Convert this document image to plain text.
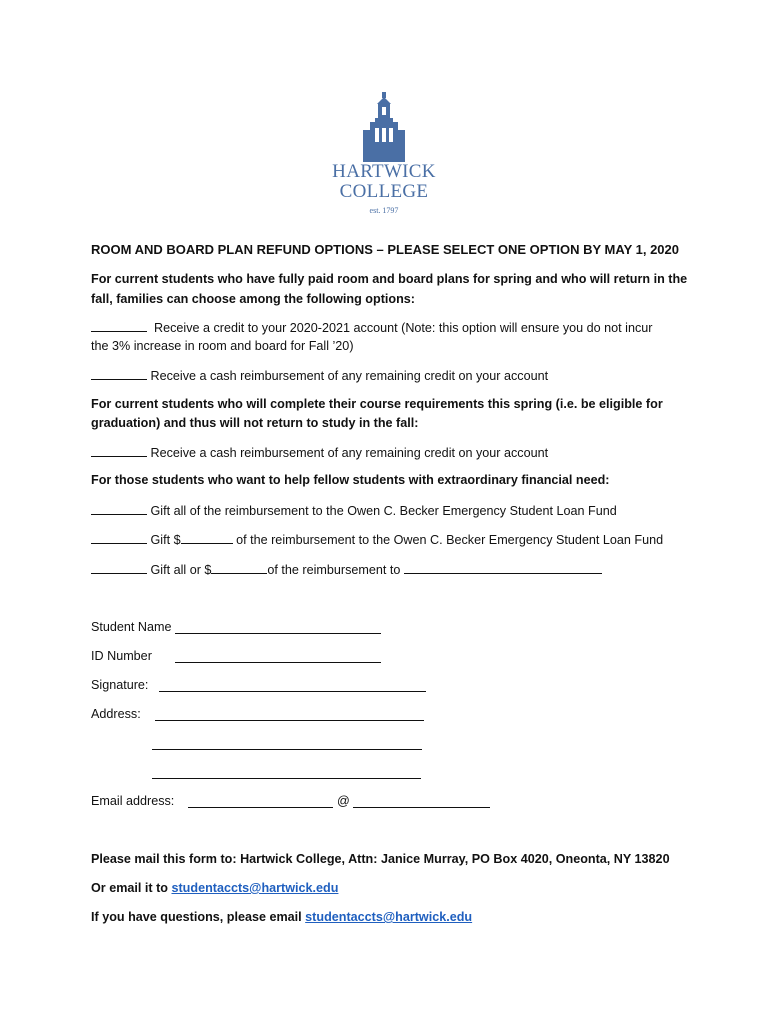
HARTWICK
COLLEGE
est. 1797
ROOM AND BOARD PLAN REFUND OPTIONS – PLEASE SELECT ONE OPTION BY MAY 1, 2020
For current students who have fully paid room and board plans for spring and who will return in the
fall, families can choose among the following options:
Receive a credit to your 2020-2021 account (Note: this option will ensure you do not incur
the 3% increase in room and board for Fall ’20)
Receive a cash reimbursement of any remaining credit on your account
For current students who will complete their course requirements this spring (i.e. be eligible for
graduation) and thus will not return to study in the fall:
Receive a cash reimbursement of any remaining credit on your account
For those students who want to help fellow students with extraordinary financial need:
Gift all of the reimbursement to the Owen C. Becker Emergency Student Loan Fund
Gift $	of the reimbursement to the Owen C. Becker Emergency Student Loan Fund
Gift all or $	of the reimbursement to
Student Name
ID Number
Signature:
Address:
Email address:	@
Please mail this form to: Hartwick College, Attn: Janice Murray, PO Box 4020, Oneonta, NY 13820
Or email it to studentaccts@hartwick.edu
If you have questions, please email studentaccts@hartwick.edu
